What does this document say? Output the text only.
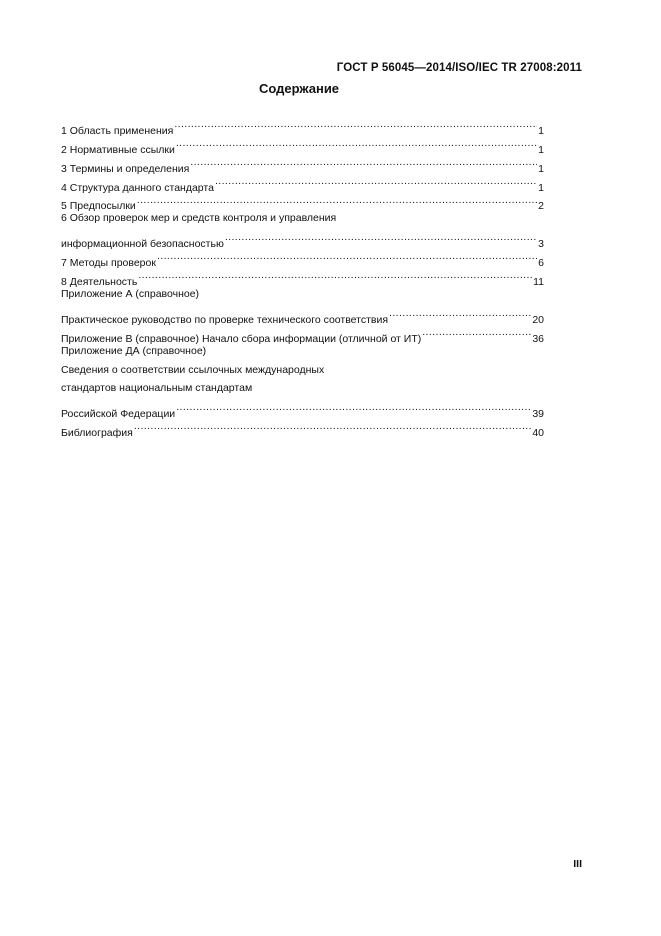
ГОСТ Р 56045—2014/ISO/IEC TR 27008:2011
Содержание
1 Область применения .....	1
2 Нормативные ссылки .....	1
3 Термины и определения .....	1
4 Структура данного стандарта .....	1
5 Предпосылки .....	2
6 Обзор проверок мер и средств контроля и управления
информационной безопасностью .....	3
7 Методы проверок .....	6
8 Деятельность .....	11
Приложение А (справочное)
Практическое руководство по проверке технического соответствия .....	20
Приложение В (справочное) Начало сбора информации (отличной от ИТ) .....	36
Приложение ДА (справочное)
Сведения о соответствии ссылочных международных
стандартов национальным стандартам
Российской Федерации .....	39
Библиография .....	40
III
